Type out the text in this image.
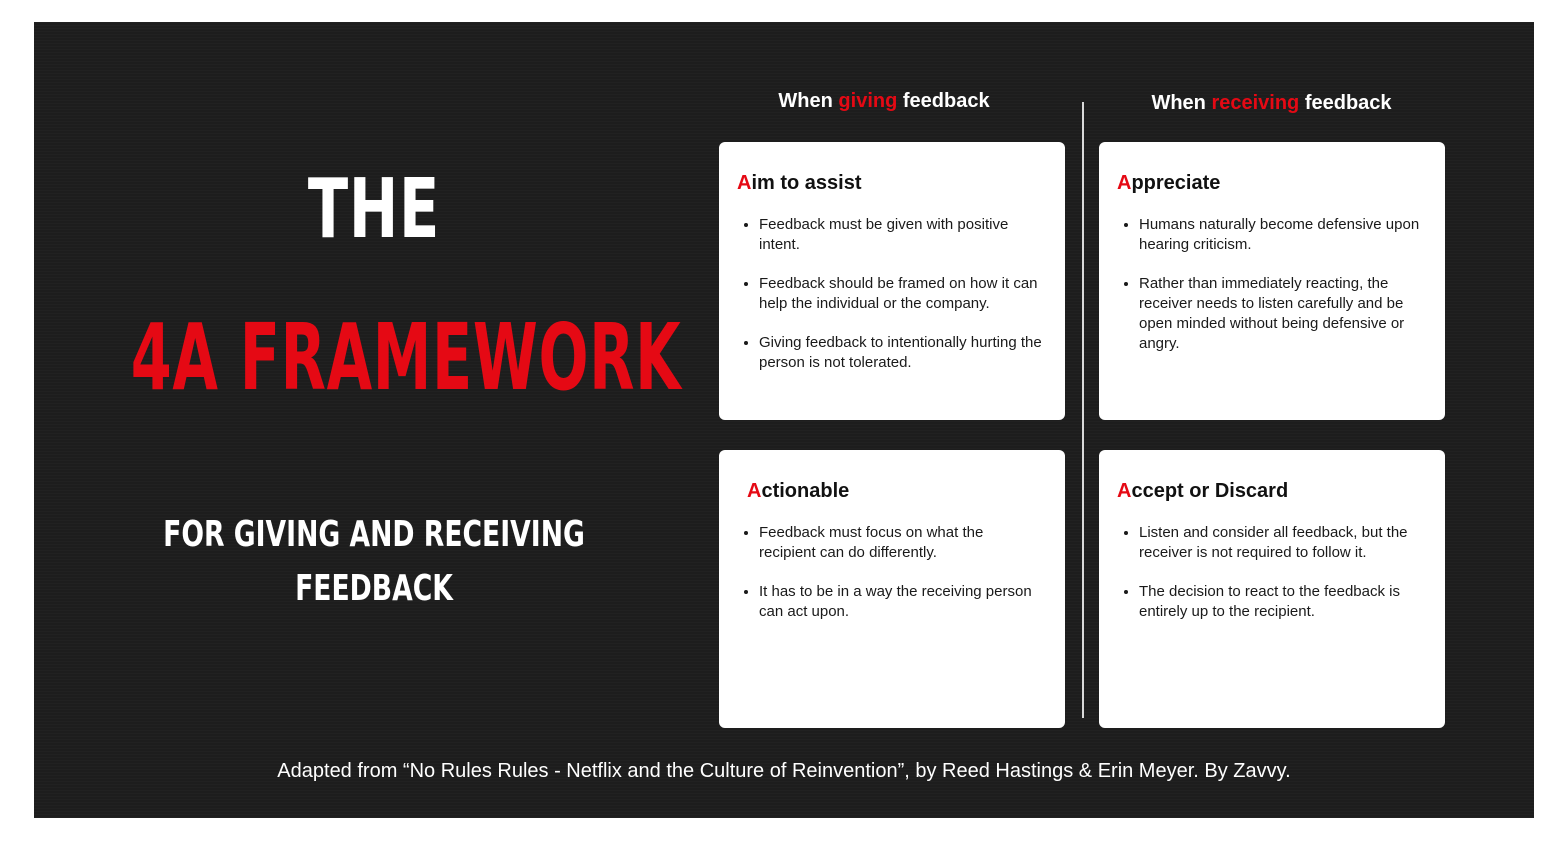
THE
4A FRAMEWORK
FOR GIVING AND RECEIVING
FEEDBACK
When giving feedback	When receiving feedback
Aim to assist
• Feedback must be given with positive intent.
• Feedback should be framed on how it can help the individual or the company.
• Giving feedback to intentionally hurting the person is not tolerated.
Appreciate
• Humans naturally become defensive upon hearing criticism.
• Rather than immediately reacting, the receiver needs to listen carefully and be open minded without being defensive or angry.
Actionable
• Feedback must focus on what the recipient can do differently.
• It has to be in a way the receiving person can act upon.
Accept or Discard
• Listen and consider all feedback, but the receiver is not required to follow it.
• The decision to react to the feedback is entirely up to the recipient.
Adapted from “No Rules Rules - Netflix and the Culture of Reinvention”, by Reed Hastings & Erin Meyer. By Zavvy.
